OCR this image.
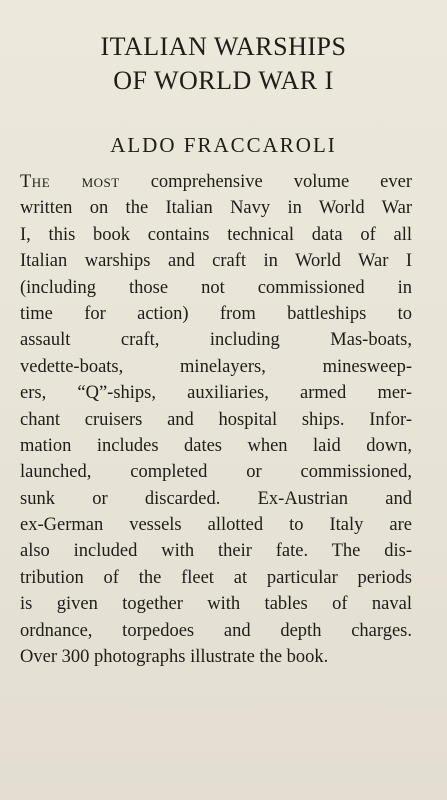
ITALIAN WARSHIPS
OF WORLD WAR I
ALDO FRACCAROLI

The most comprehensive volume ever
written on the Italian Navy in World War
I, this book contains technical data of all
Italian warships and craft in World War I
(including those not commissioned in
time for action) from battleships to
assault craft, including Mas-boats,
vedette-boats, minelayers, minesweep-
ers, “Q”-ships, auxiliaries, armed mer-
chant cruisers and hospital ships. Infor-
mation includes dates when laid down,
launched, completed or commissioned,
sunk or discarded. Ex-Austrian and
ex-German vessels allotted to Italy are
also included with their fate. The dis-
tribution of the fleet at particular periods
is given together with tables of naval
ordnance, torpedoes and depth charges.
Over 300 photographs illustrate the book.
